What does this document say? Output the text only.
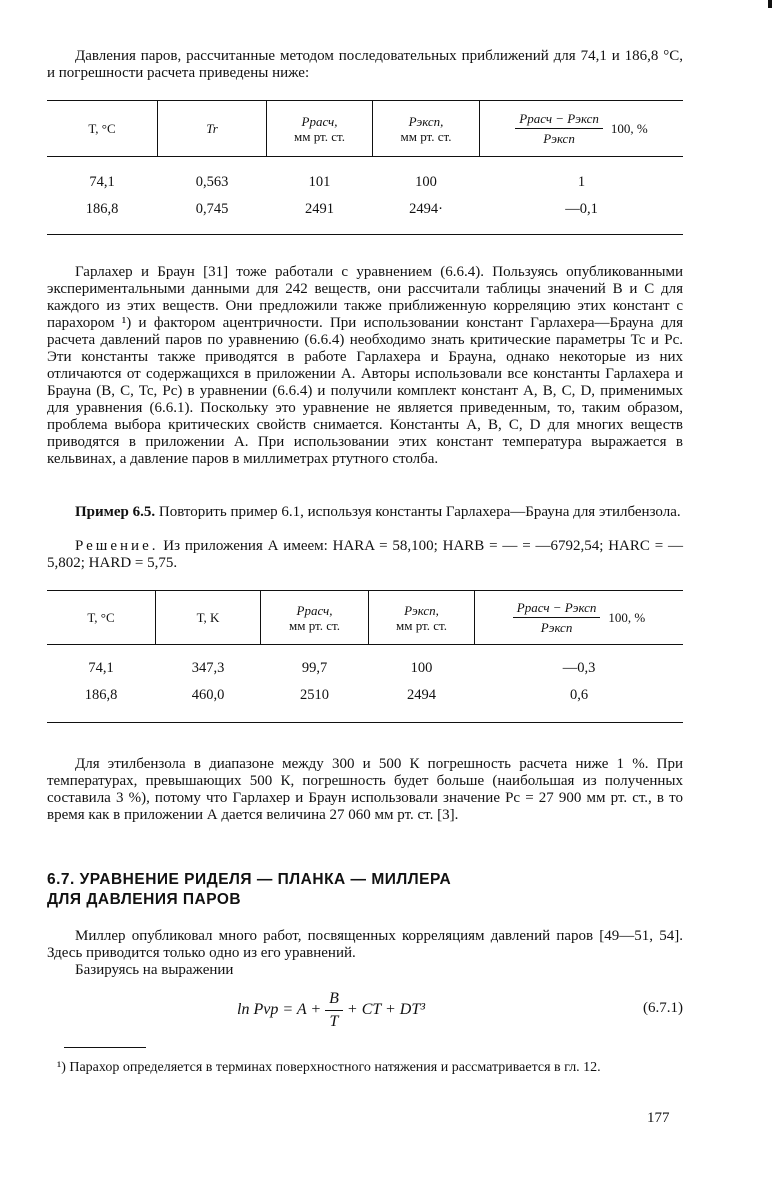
Давления паров, рассчитанные методом последовательных приближений для 74,1 и 186,8 °С, и погрешности расчета приведены ниже:

T, °C	Tr	Pрасч,
мм рт. ст.
Pэксп,
мм рт. ст.	$\frac{\text{Pрасч − Pэксп}}{\text{Pэксп}} 100$, %
74,1	0,563	101	100	1
186,8	0,745	2491	2494·	—0,1

Гарлахер и Браун [31] тоже работали с уравнением (6.6.4). Пользуясь опубликованными экспериментальными данными для 242 веществ, они рассчитали таблицы значений B и C для каждого из этих веществ. Они предложили также приближенную корреляцию этих констант с парахором ¹) и фактором ацентричности. При использовании констант Гарлахера—Брауна для расчета давлений паров по уравнению (6.6.4) необходимо знать критические параметры Tc и Pc. Эти константы также приводятся в работе Гарлахера и Брауна, однако некоторые из них отличаются от содержащихся в приложении А. Авторы использовали все константы Гарлахера и Брауна (B, C, Tc, Pc) в уравнении (6.6.4) и получили комплект констант A, B, C, D, применимых для уравнения (6.6.1). Поскольку это уравнение не является приведенным, то, таким образом, проблема выбора критических свойств снимается. Константы A, B, C, D для многих веществ приводятся в приложении А. При использовании этих констант температура выражается в кельвинах, а давление паров в миллиметрах ртутного столба.

Пример 6.5. Повторить пример 6.1, используя константы Гарлахера—Брауна для этилбензола.

Решение. Из приложения А имеем: HARA = 58,100; HARB = — = —6792,54; HARC = —5,802; HARD = 5,75.

T, °C	T, K	Pрасч,
мм рт. ст.
Pэксп,
мм рт. ст.	$\frac{\text{Pрасч − Pэксп}}{\text{Pэксп}} 100$, %
74,1	347,3	99,7	100	—0,3
186,8	460,0	2510	2494	0,6

Для этилбензола в диапазоне между 300 и 500 К погрешность расчета ниже 1 %. При температурах, превышающих 500 К, погрешность будет больше (наибольшая из полученных составила 3 %), потому что Гарлахер и Браун использовали значение Pc = 27 900 мм рт. ст., в то время как в приложении А дается величина 27 060 мм рт. ст. [3].

6.7. УРАВНЕНИЕ РИДЕЛЯ — ПЛАНКА — МИЛЛЕРА
ДЛЯ ДАВЛЕНИЯ ПАРОВ

Миллер опубликовал много работ, посвященных корреляциям давлений паров [49—51, 54]. Здесь приводится только одно из его уравнений.

Базируясь на выражении

ln Pvp = $A + \frac{B}{T}$ + CT + DT³	(6.7.1)

¹) Парахор определяется в терминах поверхностного натяжения и рассматривается в гл. 12.

177
